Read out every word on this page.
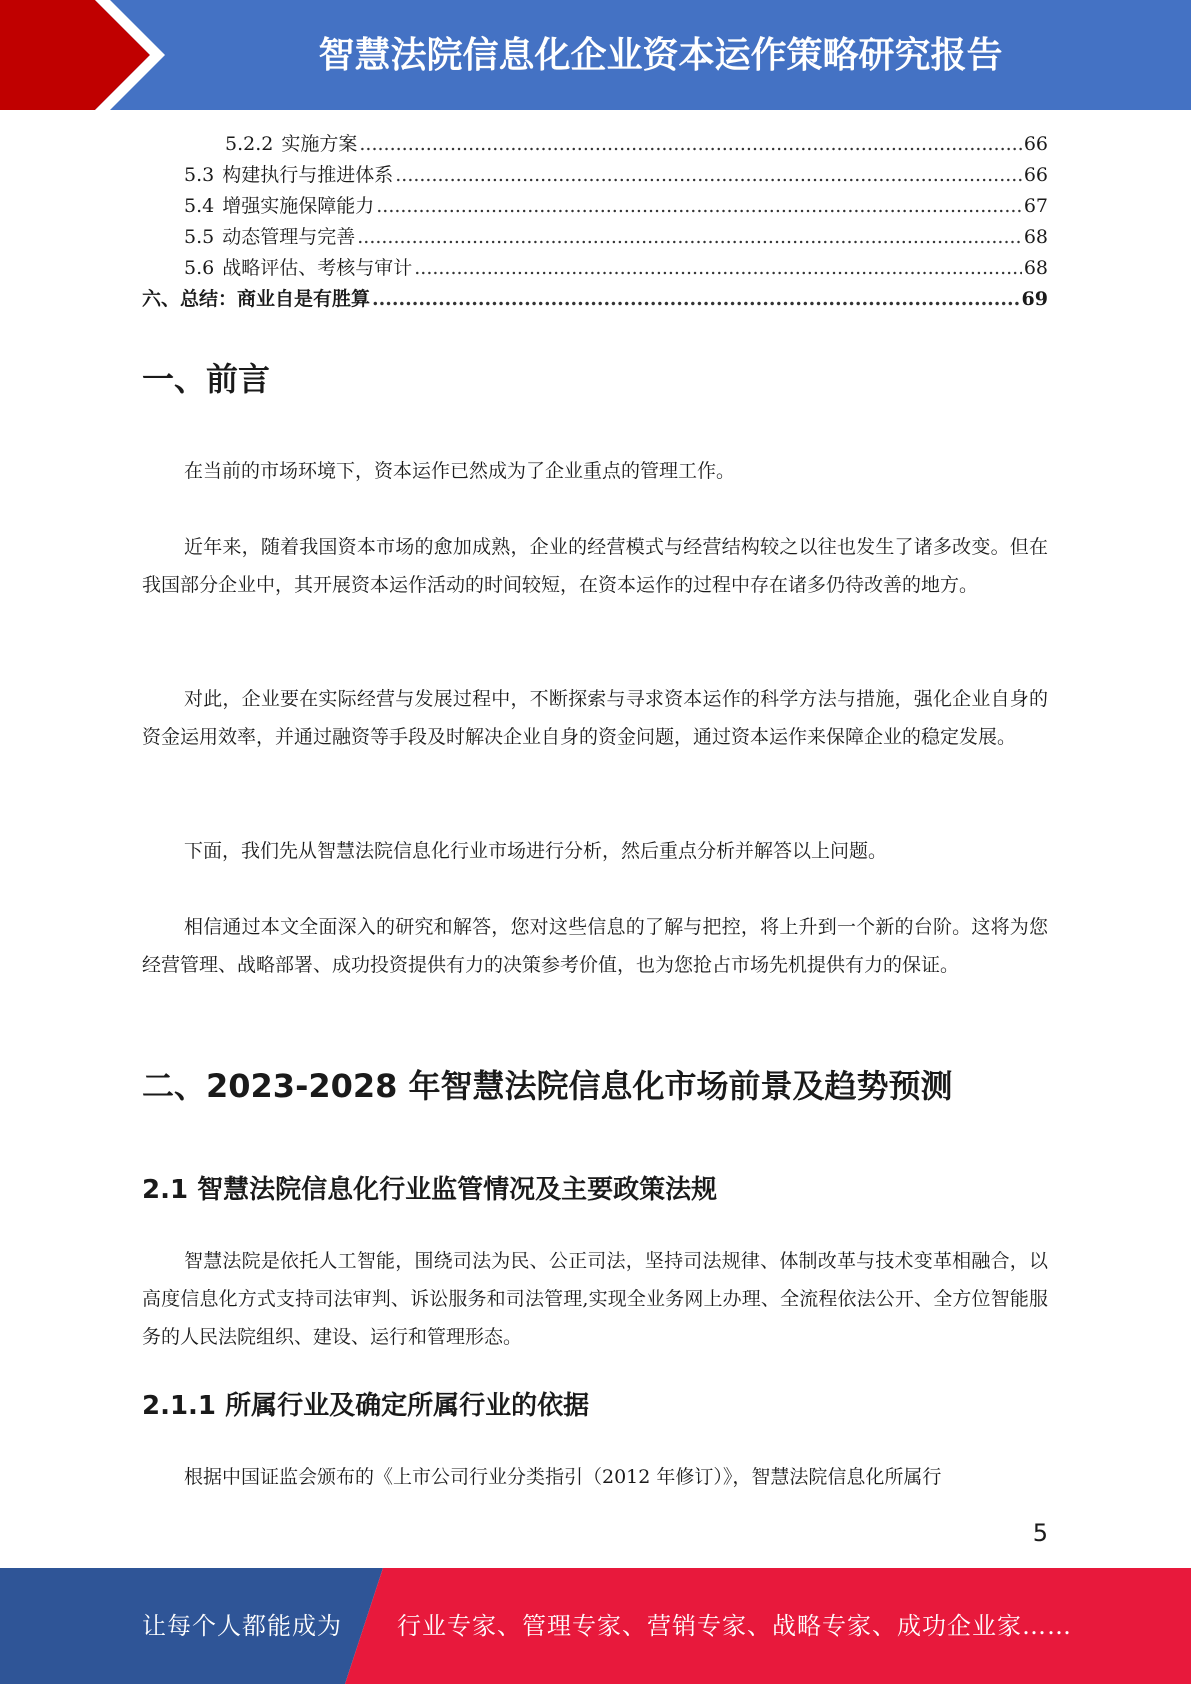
智慧法院信息化企业资本运作策略研究报告
5.2.2 实施方案 .....	66
5.3 构建执行与推进体系 .....	66
5.4 增强实施保障能力 .....	67
5.5 动态管理与完善 .....	68
5.6 战略评估、考核与审计 .....	68
六、总结：商业自是有胜算 .....	69
一、前言

在当前的市场环境下，资本运作已然成为了企业重点的管理工作。

近年来，随着我国资本市场的愈加成熟，企业的经营模式与经营结构较之以往也发生了诸多改变。但在我国部分企业中，其开展资本运作活动的时间较短，在资本运作的过程中存在诸多仍待改善的地方。

对此，企业要在实际经营与发展过程中，不断探索与寻求资本运作的科学方法与措施，强化企业自身的资金运用效率，并通过融资等手段及时解决企业自身的资金问题，通过资本运作来保障企业的稳定发展。

下面，我们先从智慧法院信息化行业市场进行分析，然后重点分析并解答以上问题。

相信通过本文全面深入的研究和解答，您对这些信息的了解与把控，将上升到一个新的台阶。这将为您经营管理、战略部署、成功投资提供有力的决策参考价值，也为您抢占市场先机提供有力的保证。

二、2023-2028 年智慧法院信息化市场前景及趋势预测
2.1 智慧法院信息化行业监管情况及主要政策法规

智慧法院是依托人工智能，围绕司法为民、公正司法，坚持司法规律、体制改革与技术变革相融合，以高度信息化方式支持司法审判、诉讼服务和司法管理,实现全业务网上办理、全流程依法公开、全方位智能服务的人民法院组织、建设、运行和管理形态。

2.1.1 所属行业及确定所属行业的依据

根据中国证监会颁布的《上市公司行业分类指引（2012 年修订）》，智慧法院信息化所属行

5
让每个人都能成为 行业专家、管理专家、营销专家、战略专家、成功企业家……
